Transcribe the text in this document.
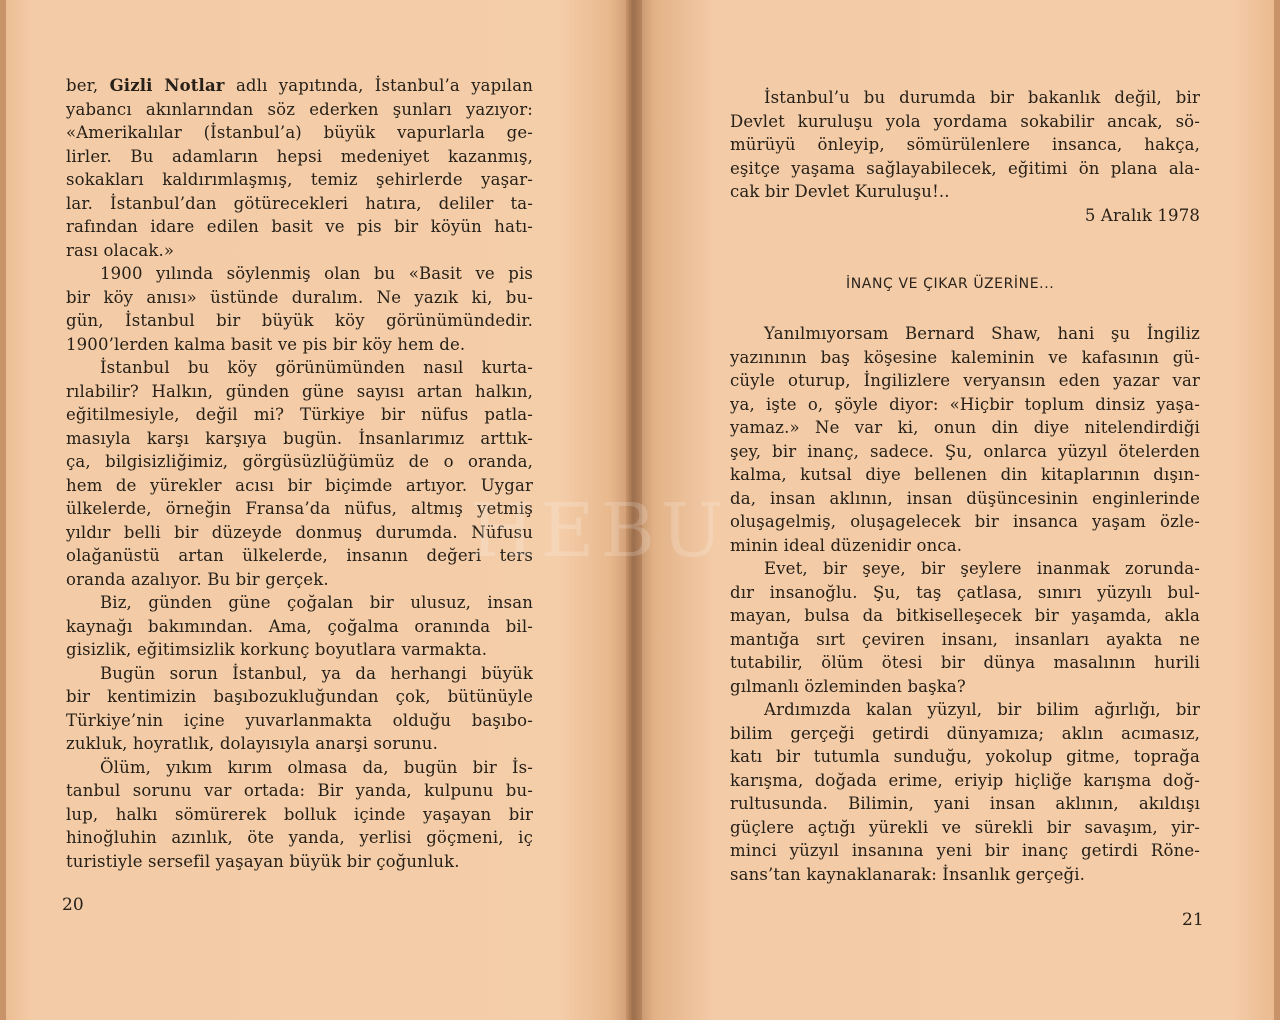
ber, Gizli Notlar adlı yapıtında, İstanbul’a yapılan
yabancı akınlarından söz ederken şunları yazıyor:
«Amerikalılar (İstanbul’a) büyük vapurlarla ge-
lirler. Bu adamların hepsi medeniyet kazanmış,
sokakları kaldırımlaşmış, temiz şehirlerde yaşar-
lar. İstanbul’dan götürecekleri hatıra, deliler ta-
rafından idare edilen basit ve pis bir köyün hatı-
rası olacak.»
1900 yılında söylenmiş olan bu «Basit ve pis
bir köy anısı» üstünde duralım. Ne yazık ki, bu-
gün, İstanbul bir büyük köy görünümündedir.
1900’lerden kalma basit ve pis bir köy hem de.
İstanbul bu köy görünümünden nasıl kurta-
rılabilir? Halkın, günden güne sayısı artan halkın,
eğitilmesiyle, değil mi? Türkiye bir nüfus patla-
masıyla karşı karşıya bugün. İnsanlarımız arttık-
ça, bilgisizliğimiz, görgüsüzlüğümüz de o oranda,
hem de yürekler acısı bir biçimde artıyor. Uygar
ülkelerde, örneğin Fransa’da nüfus, altmış yetmiş
yıldır belli bir düzeyde donmuş durumda. Nüfusu
olağanüstü artan ülkelerde, insanın değeri ters
oranda azalıyor. Bu bir gerçek.
Biz, günden güne çoğalan bir ulusuz, insan
kaynağı bakımından. Ama, çoğalma oranında bil-
gisizlik, eğitimsizlik korkunç boyutlara varmakta.
Bugün sorun İstanbul, ya da herhangi büyük
bir kentimizin başıbozukluğundan çok, bütünüyle
Türkiye’nin içine yuvarlanmakta olduğu başıbo-
zukluk, hoyratlık, dolayısıyla anarşi sorunu.
Ölüm, yıkım kırım olmasa da, bugün bir İs-
tanbul sorunu var ortada: Bir yanda, kulpunu bu-
lup, halkı sömürerek bolluk içinde yaşayan bir
hinoğluhin azınlık, öte yanda, yerlisi göçmeni, iç
turistiyle sersefil yaşayan büyük bir çoğunluk.
20
İstanbul’u bu durumda bir bakanlık değil, bir
Devlet kuruluşu yola yordama sokabilir ancak, sö-
mürüyü önleyip, sömürülenlere insanca, hakça,
eşitçe yaşama sağlayabilecek, eğitimi ön plana ala-
cak bir Devlet Kuruluşu!..
5 Aralık 1978
İNANÇ VE ÇIKAR ÜZERİNE...
Yanılmıyorsam Bernard Shaw, hani şu İngiliz
yazınının baş köşesine kaleminin ve kafasının gü-
cüyle oturup, İngilizlere veryansın eden yazar var
ya, işte o, şöyle diyor: «Hiçbir toplum dinsiz yaşa-
yamaz.» Ne var ki, onun din diye nitelendirdiği
şey, bir inanç, sadece. Şu, onlarca yüzyıl ötelerden
kalma, kutsal diye bellenen din kitaplarının dışın-
da, insan aklının, insan düşüncesinin enginlerinde
oluşagelmiş, oluşagelecek bir insanca yaşam özle-
minin ideal düzenidir onca.
Evet, bir şeye, bir şeylere inanmak zorunda-
dır insanoğlu. Şu, taş çatlasa, sınırı yüzyılı bul-
mayan, bulsa da bitkiselleşecek bir yaşamda, akla
mantığa sırt çeviren insanı, insanları ayakta ne
tutabilir, ölüm ötesi bir dünya masalının hurili
gılmanlı özleminden başka?
Ardımızda kalan yüzyıl, bir bilim ağırlığı, bir
bilim gerçeği getirdi dünyamıza; aklın acımasız,
katı bir tutumla sunduğu, yokolup gitme, toprağa
karışma, doğada erime, eriyip hiçliğe karışma doğ-
rultusunda. Bilimin, yani insan aklının, akıldışı
güçlere açtığı yürekli ve sürekli bir savaşım, yir-
minci yüzyıl insanına yeni bir inanç getirdi Röne-
sans’tan kaynaklanarak: İnsanlık gerçeği.
21
HEBU
